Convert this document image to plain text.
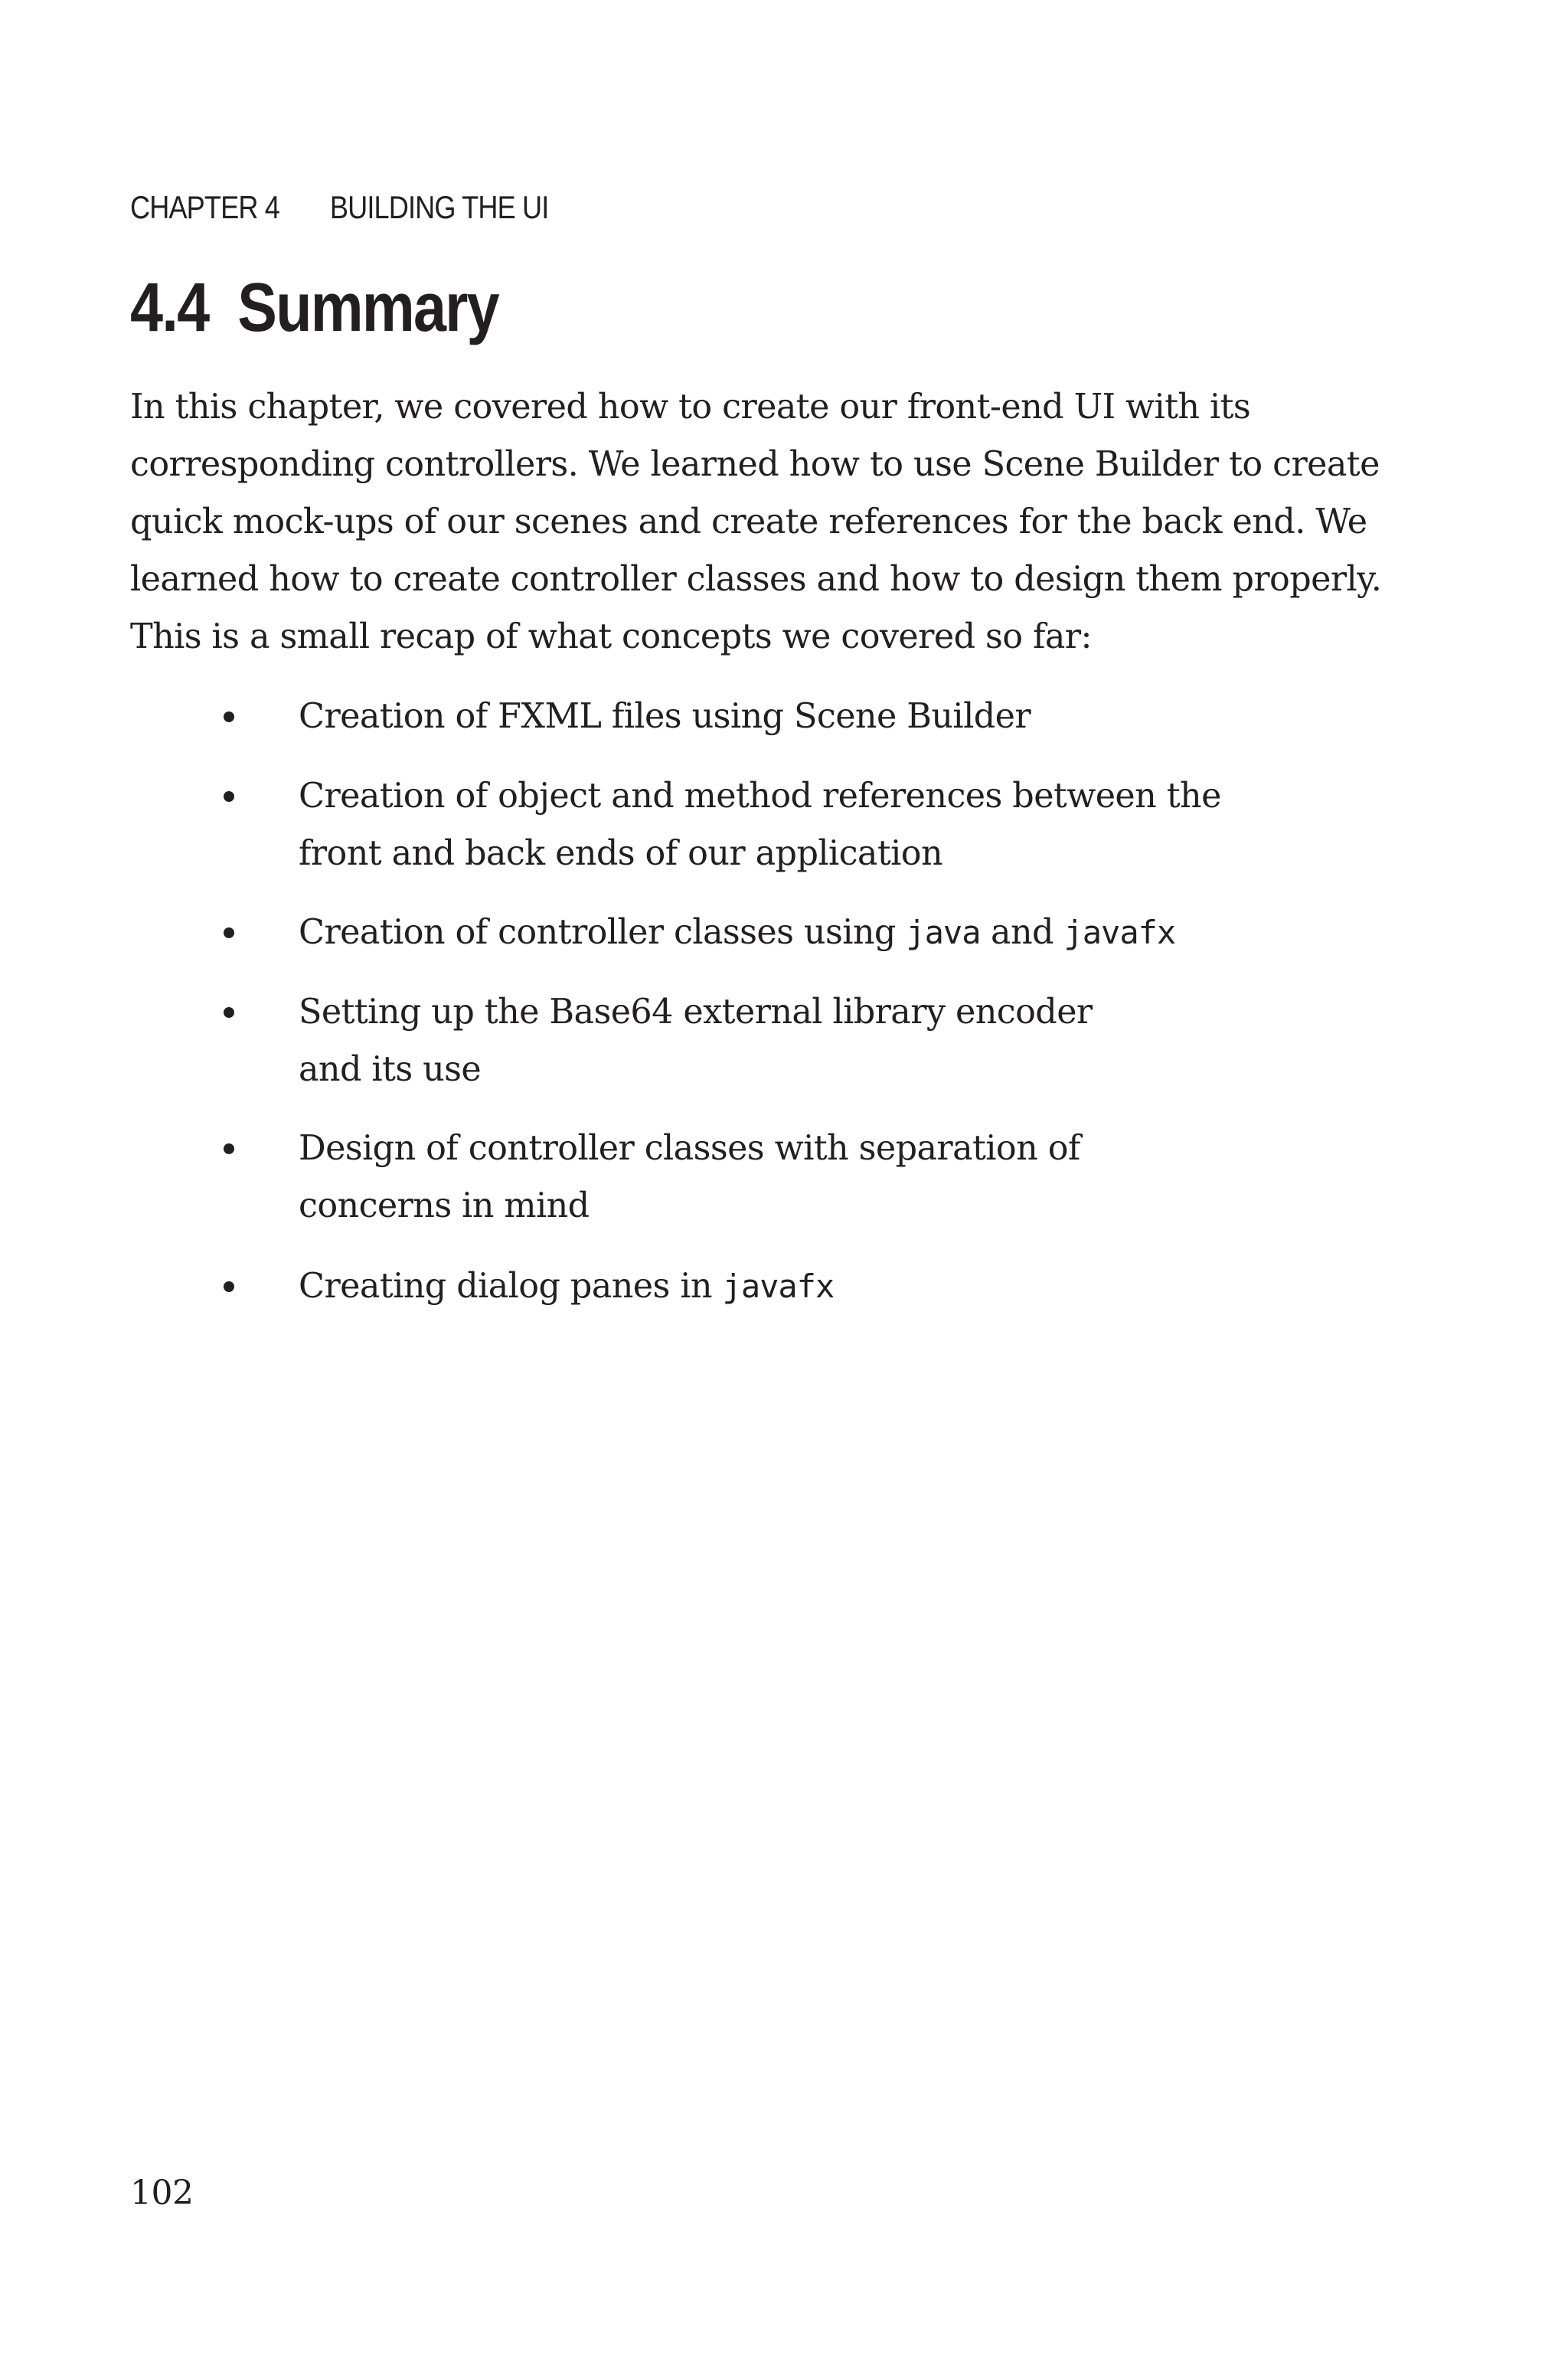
CHAPTER 4 BUILDING THE UI
4.4 Summary

In this chapter, we covered how to create our front-end UI with its
corresponding controllers. We learned how to use Scene Builder to create
quick mock-ups of our scenes and create references for the back end. We
learned how to create controller classes and how to design them properly.
This is a small recap of what concepts we covered so far:

Creation of FXML files using Scene Builder
Creation of object and method references between the
front and back ends of our application
Creation of controller classes using java and javafx
Setting up the Base64 external library encoder
and its use
Design of controller classes with separation of
concerns in mind
Creating dialog panes in javafx
102
